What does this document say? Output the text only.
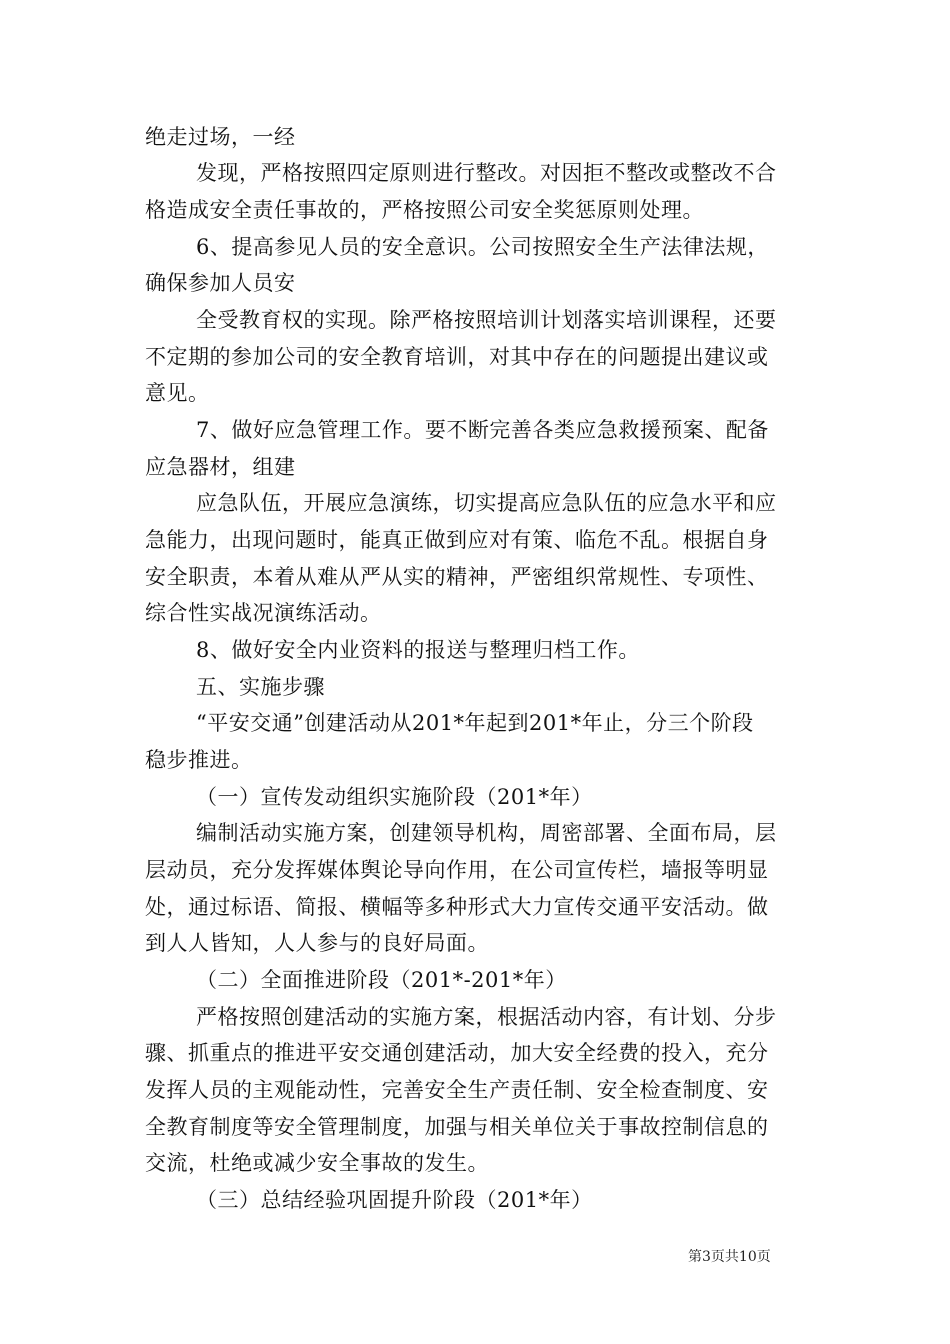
绝走过场，一经
发现，严格按照四定原则进行整改。对因拒不整改或整改不合
格造成安全责任事故的，严格按照公司安全奖惩原则处理。
6、提高参见人员的安全意识。公司按照安全生产法律法规，
确保参加人员安
全受教育权的实现。除严格按照培训计划落实培训课程，还要
不定期的参加公司的安全教育培训，对其中存在的问题提出建议或
意见。
7、做好应急管理工作。要不断完善各类应急救援预案、配备
应急器材，组建
应急队伍，开展应急演练，切实提高应急队伍的应急水平和应
急能力，出现问题时，能真正做到应对有策、临危不乱。根据自身
安全职责，本着从难从严从实的精神，严密组织常规性、专项性、
综合性实战况演练活动。
8、做好安全内业资料的报送与整理归档工作。
五、实施步骤
“平安交通”创建活动从201*年起到201*年止，分三个阶段
稳步推进。
（一）宣传发动组织实施阶段（201*年）
编制活动实施方案，创建领导机构，周密部署、全面布局，层
层动员，充分发挥媒体舆论导向作用，在公司宣传栏，墙报等明显
处，通过标语、简报、横幅等多种形式大力宣传交通平安活动。做
到人人皆知，人人参与的良好局面。
（二）全面推进阶段（201*-201*年）
严格按照创建活动的实施方案，根据活动内容，有计划、分步
骤、抓重点的推进平安交通创建活动，加大安全经费的投入，充分
发挥人员的主观能动性，完善安全生产责任制、安全检查制度、安
全教育制度等安全管理制度，加强与相关单位关于事故控制信息的
交流，杜绝或减少安全事故的发生。
（三）总结经验巩固提升阶段（201*年）
第3页共10页
